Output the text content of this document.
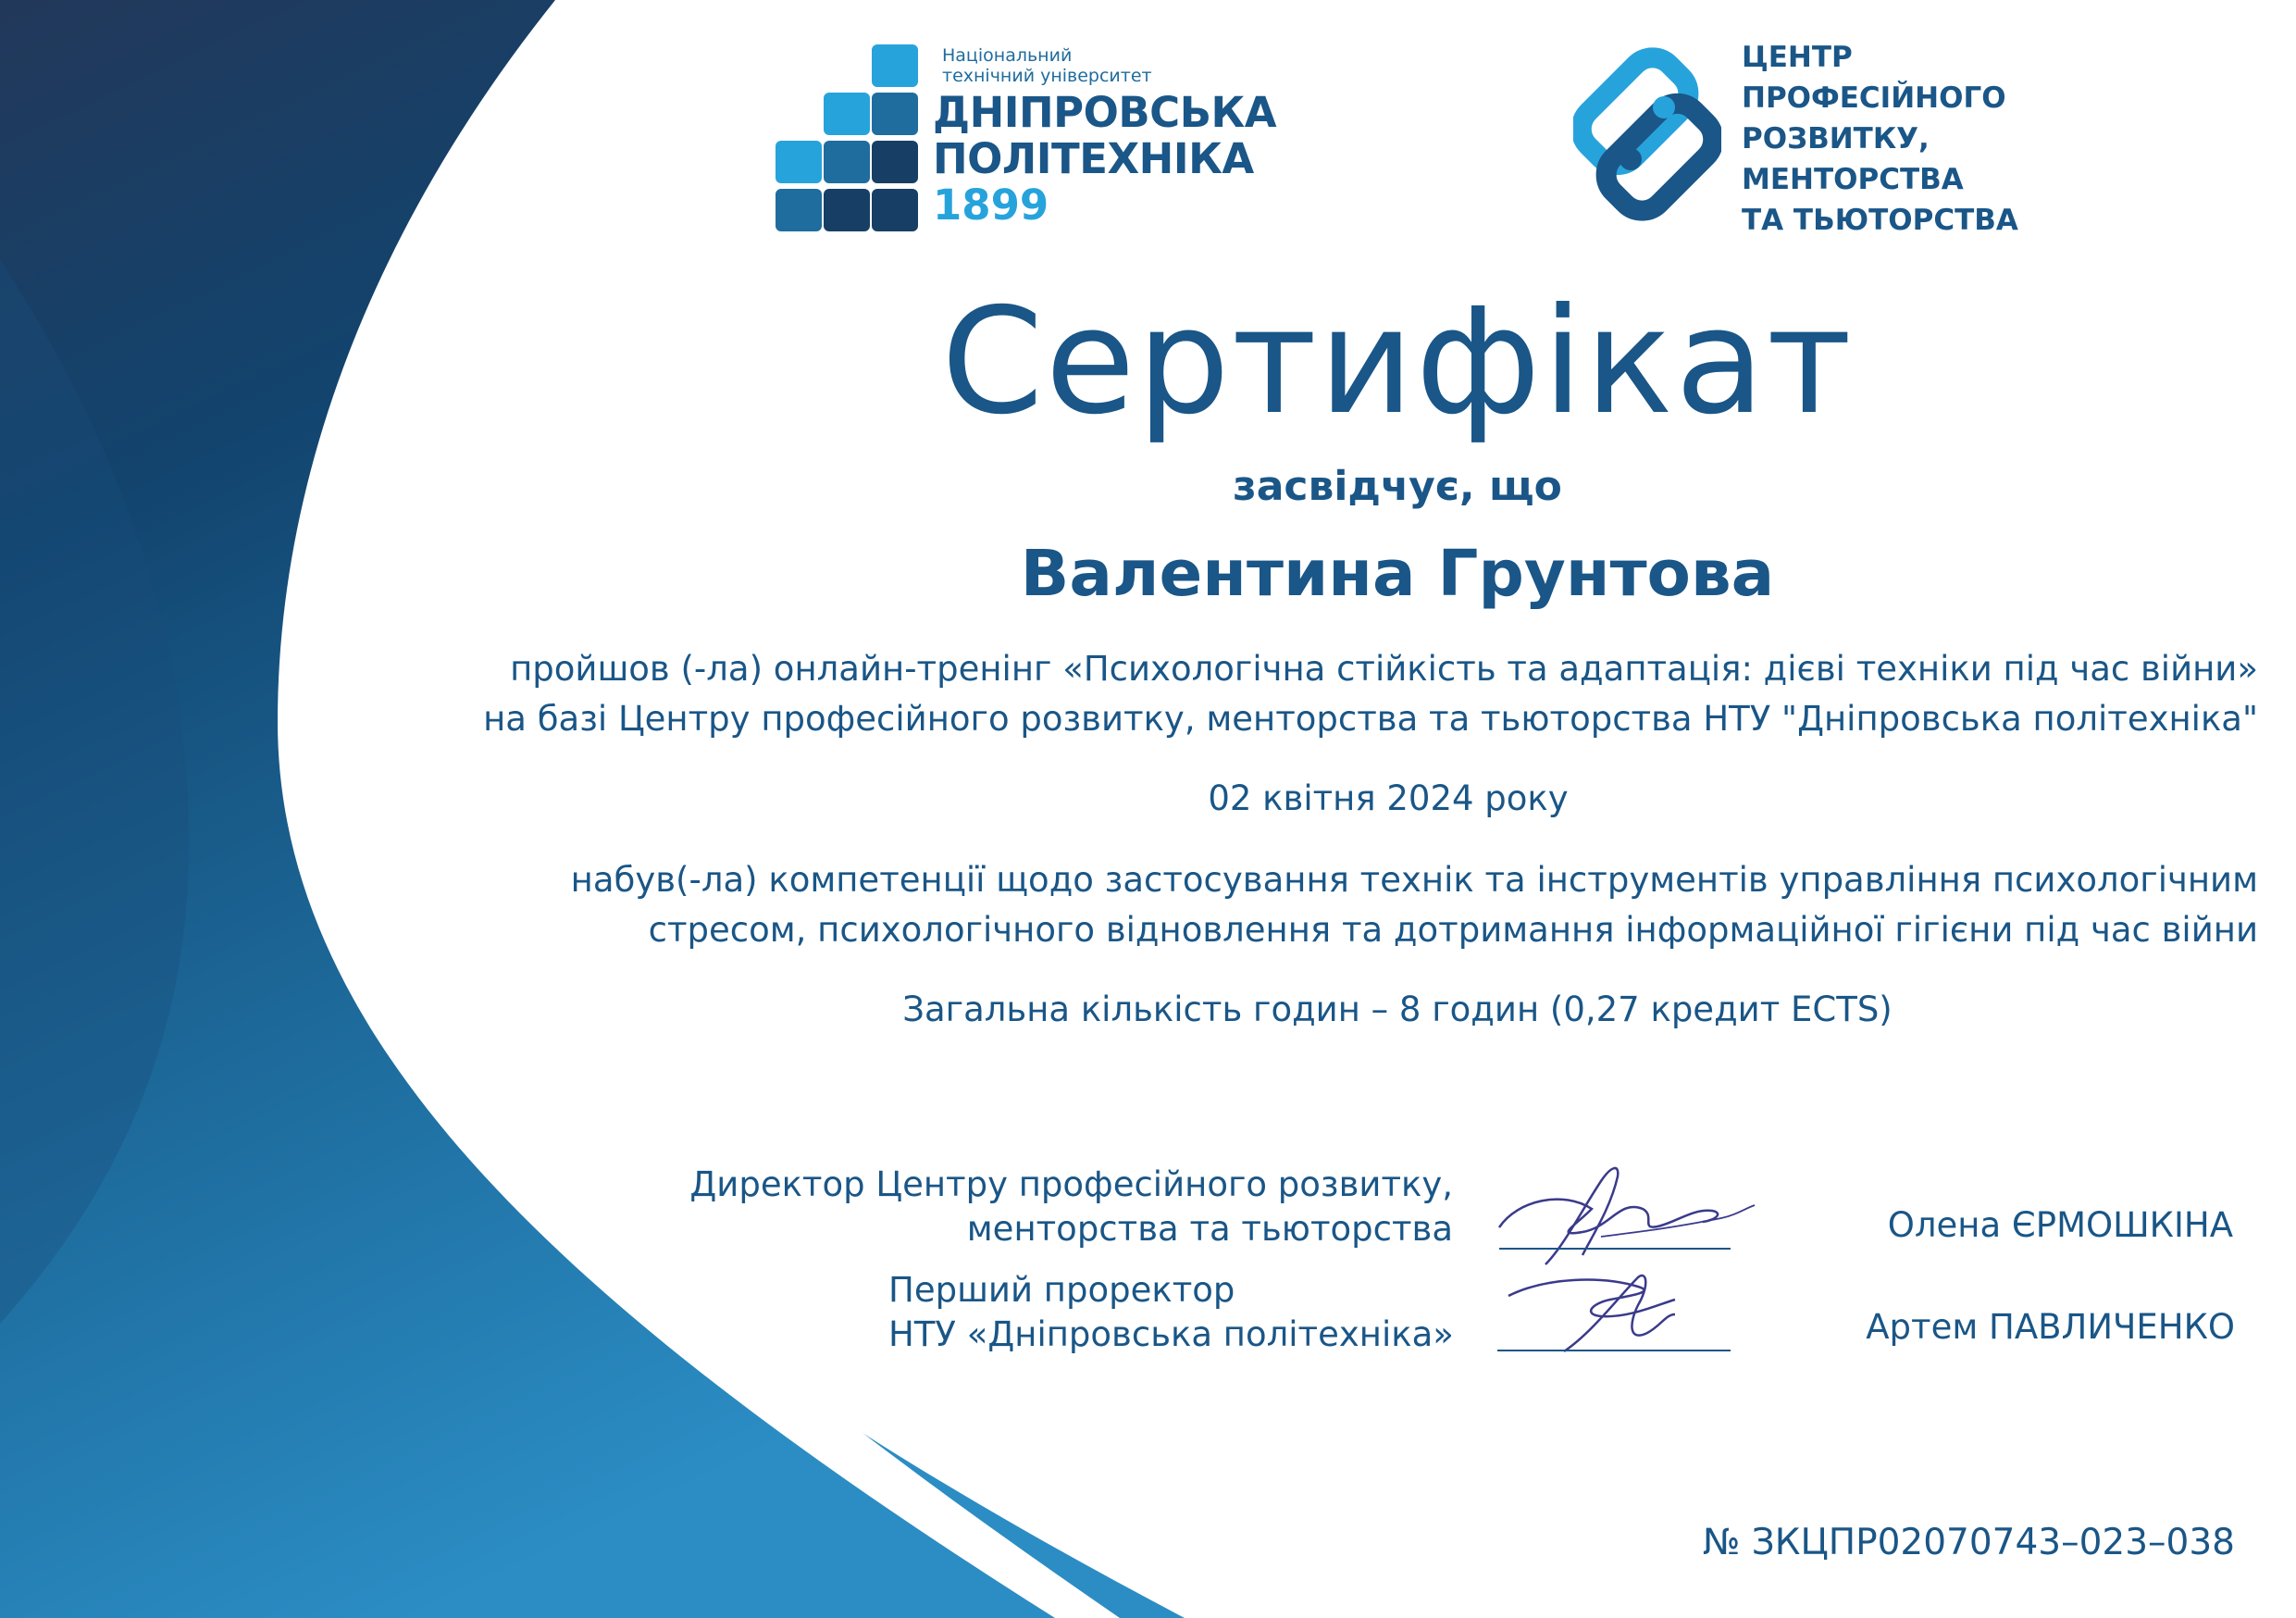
Національний
технічний університет
ДНІПРОВСЬКА
ПОЛІТЕХНІКА
1899
ЦЕНТР
ПРОФЕСІЙНОГО
РОЗВИТКУ,
МЕНТОРСТВА
ТА ТЬЮТОРСТВА
Сертифікат
засвідчує, що
Валентина Грунтова
пройшов (-ла) онлайн-тренінг «Психологічна стійкість та адаптація: дієві техніки під час війни»
на базі Центру професійного розвитку, менторства та тьюторства НТУ "Дніпровська політехніка"
02 квітня 2024 року
набув(-ла) компетенції щодо застосування технік та інструментів управління психологічним
стресом, психологічного відновлення та дотримання інформаційної гігієни під час війни
Загальна кількість годин – 8 годин (0,27 кредит ECTS)
Директор Центру професійного розвитку,
менторства та тьюторства	Олена ЄРМОШКІНА
Перший проректор
НТУ «Дніпровська політехніка»	Артем ПАВЛИЧЕНКО
№ ЗКЦПР02070743–023–038
